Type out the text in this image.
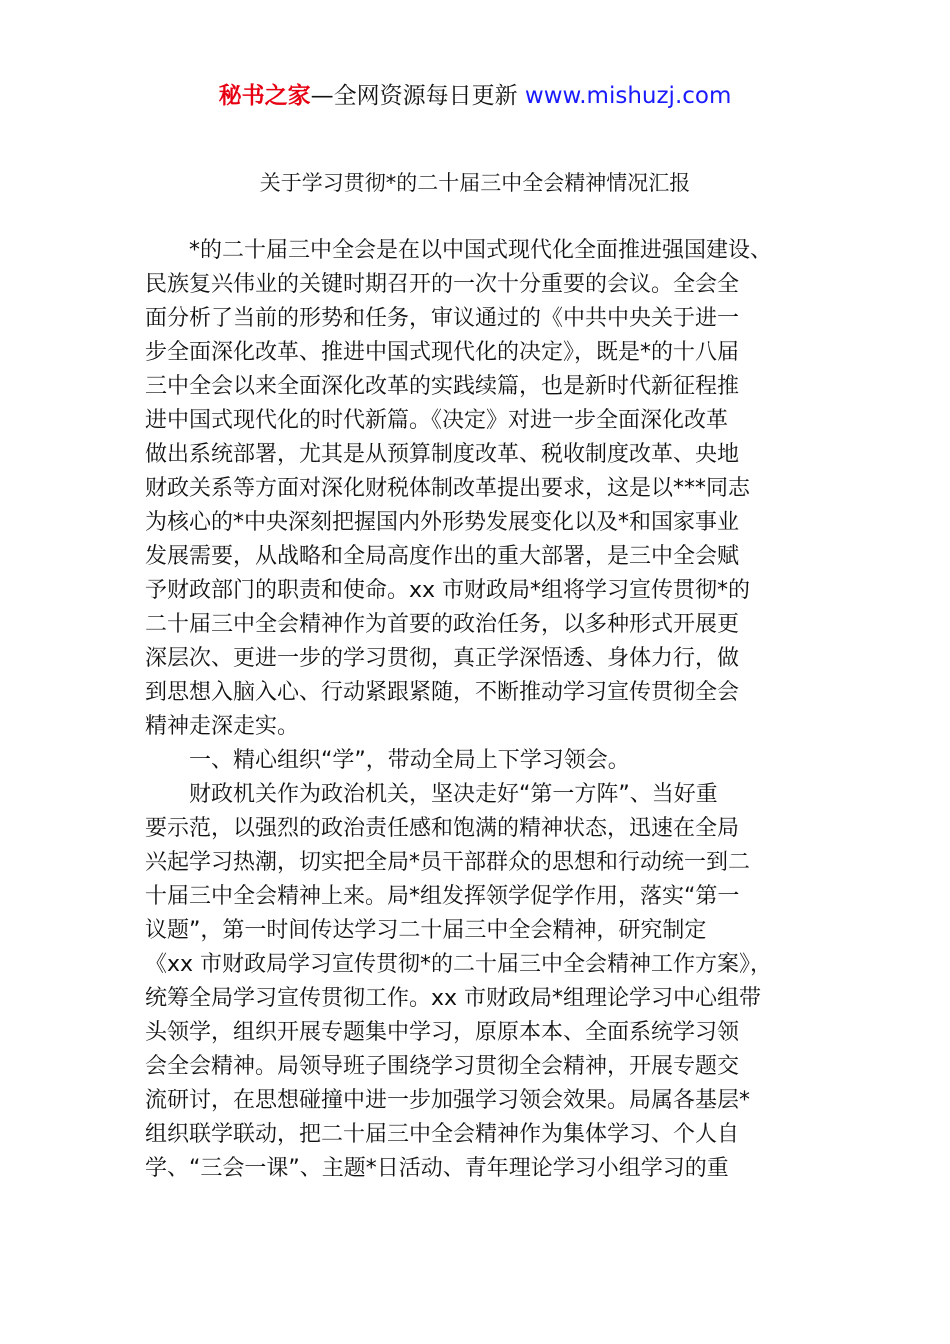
秘书之家—全网资源每日更新 www.mishuzj.com
关于学习贯彻*的二十届三中全会精神情况汇报
　　*的二十届三中全会是在以中国式现代化全面推进强国建设、
民族复兴伟业的关键时期召开的一次十分重要的会议。全会全
面分析了当前的形势和任务，审议通过的《中共中央关于进一
步全面深化改革、推进中国式现代化的决定》，既是*的十八届
三中全会以来全面深化改革的实践续篇，也是新时代新征程推
进中国式现代化的时代新篇。《决定》对进一步全面深化改革
做出系统部署，尤其是从预算制度改革、税收制度改革、央地
财政关系等方面对深化财税体制改革提出要求，这是以***同志
为核心的*中央深刻把握国内外形势发展变化以及*和国家事业
发展需要，从战略和全局高度作出的重大部署，是三中全会赋
予财政部门的职责和使命。xx 市财政局*组将学习宣传贯彻*的
二十届三中全会精神作为首要的政治任务，以多种形式开展更
深层次、更进一步的学习贯彻，真正学深悟透、身体力行，做
到思想入脑入心、行动紧跟紧随，不断推动学习宣传贯彻全会
精神走深走实。
　　一、精心组织“学”，带动全局上下学习领会。
　　财政机关作为政治机关，坚决走好“第一方阵”、当好重
要示范，以强烈的政治责任感和饱满的精神状态，迅速在全局
兴起学习热潮，切实把全局*员干部群众的思想和行动统一到二
十届三中全会精神上来。局*组发挥领学促学作用，落实“第一
议题”，第一时间传达学习二十届三中全会精神，研究制定
《xx 市财政局学习宣传贯彻*的二十届三中全会精神工作方案》，
统筹全局学习宣传贯彻工作。xx 市财政局*组理论学习中心组带
头领学，组织开展专题集中学习，原原本本、全面系统学习领
会全会精神。局领导班子围绕学习贯彻全会精神，开展专题交
流研讨，在思想碰撞中进一步加强学习领会效果。局属各基层*
组织联学联动，把二十届三中全会精神作为集体学习、个人自
学、“三会一课”、主题*日活动、青年理论学习小组学习的重
